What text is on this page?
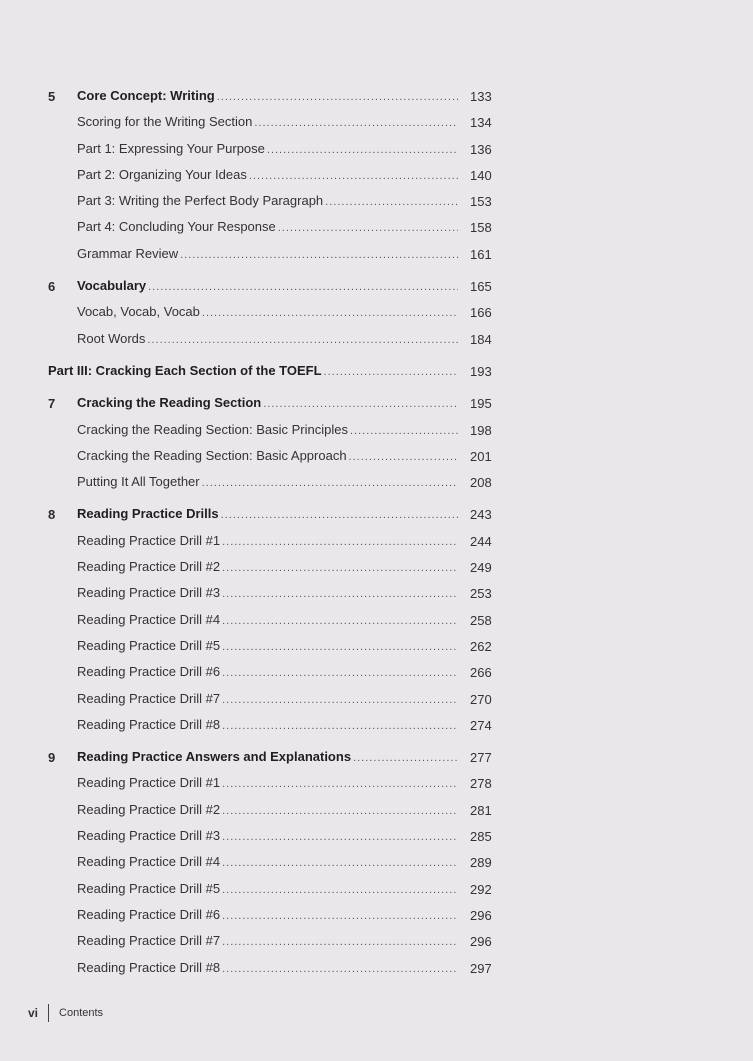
5 Core Concept: Writing .....	133
Scoring for the Writing Section .....	134
Part 1: Expressing Your Purpose .....	136
Part 2: Organizing Your Ideas .....	140
Part 3: Writing the Perfect Body Paragraph .....	153
Part 4: Concluding Your Response .....	158
Grammar Review .....	161
6 Vocabulary .....	165
Vocab, Vocab, Vocab .....	166
Root Words .....	184
Part III: Cracking Each Section of the TOEFL .....	193
7 Cracking the Reading Section .....	195
Cracking the Reading Section: Basic Principles .....	198
Cracking the Reading Section: Basic Approach .....	201
Putting It All Together .....	208
8 Reading Practice Drills .....	243
Reading Practice Drill #1 .....	244
Reading Practice Drill #2 .....	249
Reading Practice Drill #3 .....	253
Reading Practice Drill #4 .....	258
Reading Practice Drill #5 .....	262
Reading Practice Drill #6 .....	266
Reading Practice Drill #7 .....	270
Reading Practice Drill #8 .....	274
9 Reading Practice Answers and Explanations .....	277
Reading Practice Drill #1 .....	278
Reading Practice Drill #2 .....	281
Reading Practice Drill #3 .....	285
Reading Practice Drill #4 .....	289
Reading Practice Drill #5 .....	292
Reading Practice Drill #6 .....	296
Reading Practice Drill #7 .....	296
Reading Practice Drill #8 .....	297
vi Contents
